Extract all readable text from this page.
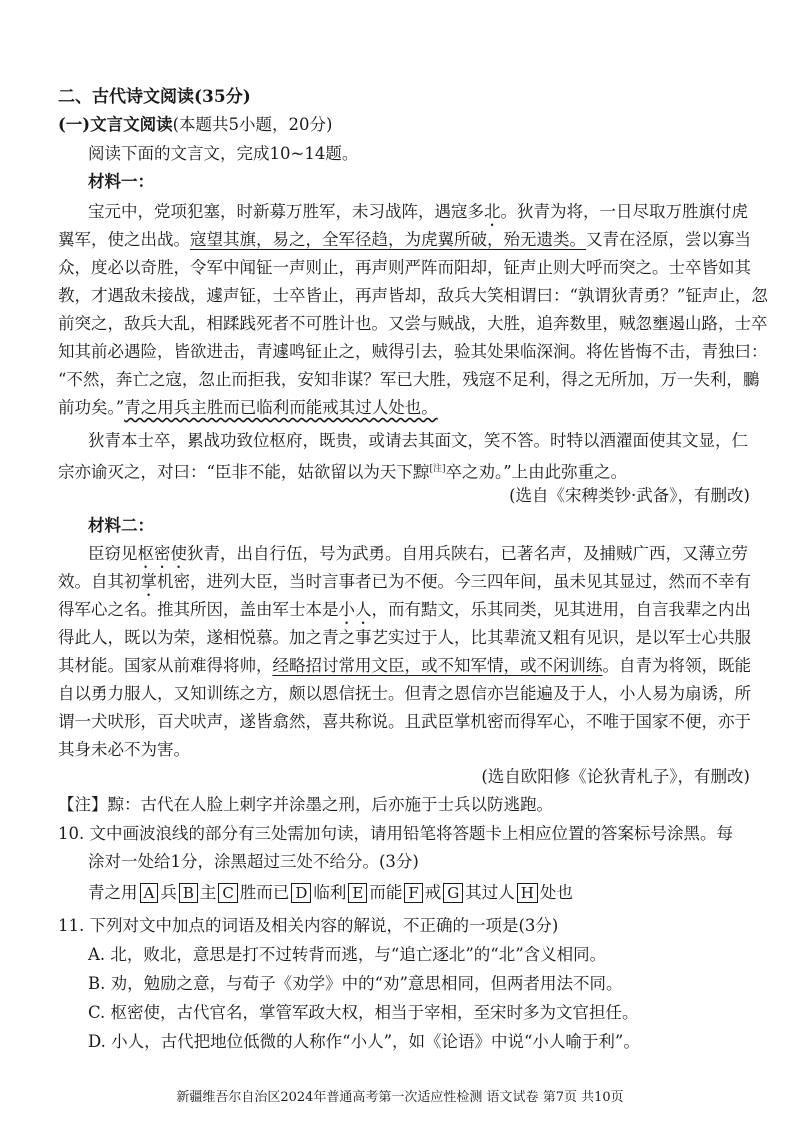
二、古代诗文阅读(35分)
(一)文言文阅读(本题共5小题，20分)
阅读下面的文言文，完成10~14题。
材料一：
宝元中，党项犯塞，时新募万胜军，未习战阵，遇寇多北。狄青为将，一日尽取万胜旗付虎
翼军，使之出战。寇望其旗，易之，全军径趋，为虎翼所破，殆无遗类。又青在泾原，尝以寡当
众，度必以奇胜，令军中闻钲一声则止，再声则严阵而阳却，钲声止则大呼而突之。士卒皆如其
教，才遇敌未接战，遽声钲，士卒皆止，再声皆却，敌兵大笑相谓曰：“孰谓狄青勇？”钲声止，忽
前突之，敌兵大乱，相蹂践死者不可胜计也。又尝与贼战，大胜，追奔数里，贼忽壅遏山路，士卒
知其前必遇险，皆欲进击，青遽鸣钲止之，贼得引去，验其处果临深涧。将佐皆悔不击，青独曰：
“不然，奔亡之寇，忽止而拒我，安知非谋？军已大胜，残寇不足利，得之无所加，万一失利，鵩
前功矣。”青之用兵主胜而已临利而能戒其过人处也。
狄青本士卒，累战功致位枢府，既贵，或请去其面文，笑不答。时特以酒濯面使其文显，仁
宗亦谕灭之，对曰：“臣非不能，姑欲留以为天下黥[注]卒之劝。”上由此弥重之。
(选自《宋稗类钞·武备》，有删改)
材料二：
臣窃见枢密使狄青，出自行伍，号为武勇。自用兵陕右，已著名声，及捕贼广西，又薄立劳
效。自其初掌机密，进列大臣，当时言事者已为不便。今三四年间，虽未见其显过，然而不幸有
得军心之名。推其所因，盖由军士本是小人，而有黠文，乐其同类，见其进用，自言我辈之内出
得此人，既以为荣，遂相悦慕。加之青之事艺实过于人，比其辈流又粗有见识，是以军士心共服
其材能。国家从前难得将帅，经略招讨常用文臣，或不知军情，或不闲训练。自青为将领，既能
自以勇力服人，又知训练之方，颇以恩信抚士。但青之恩信亦岂能遍及于人，小人易为扇诱，所
谓一犬吠形，百犬吠声，遂皆翕然，喜共称说。且武臣掌机密而得军心，不唯于国家不便，亦于
其身未必不为害。
(选自欧阳修《论狄青札子》，有删改)
【注】黥：古代在人脸上刺字并涂墨之刑，后亦施于士兵以防逃跑。
10. 文中画波浪线的部分有三处需加句读，请用铅笔将答题卡上相应位置的答案标号涂黑。每
涂对一处给1分，涂黑超过三处不给分。(3分)
青之用 A 兵 B 主 C 胜而已 D 临利 E 而能 F 戒 G 其过人 H 处也
11. 下列对文中加点的词语及相关内容的解说，不正确的一项是(3分)
A. 北，败北，意思是打不过转背而逃，与“追亡逐北”的“北”含义相同。
B. 劝，勉励之意，与荀子《劝学》中的“劝”意思相同，但两者用法不同。
C. 枢密使，古代官名，掌管军政大权，相当于宰相，至宋时多为文官担任。
D. 小人，古代把地位低微的人称作“小人”，如《论语》中说“小人喻于利”。
新疆维吾尔自治区2024年普通高考第一次适应性检测 语文试卷 第7页 共10页
